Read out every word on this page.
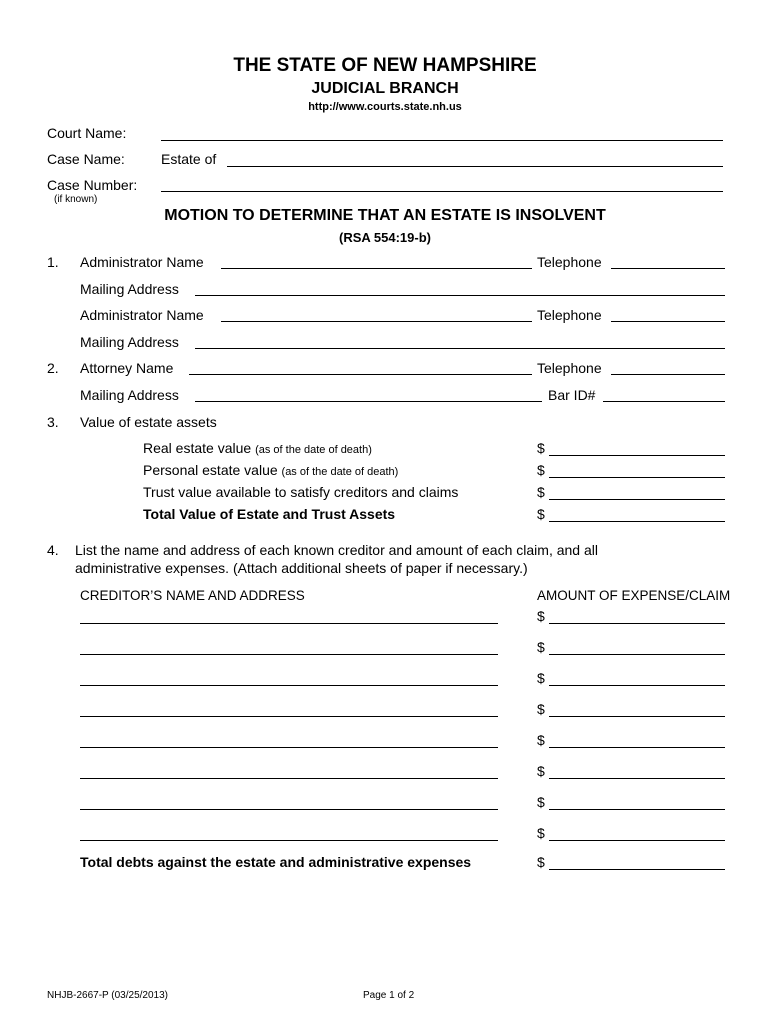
THE STATE OF NEW HAMPSHIRE
JUDICIAL BRANCH
http://www.courts.state.nh.us
Court Name:
Case Name:	Estate of
Case Number:
(if known)
MOTION TO DETERMINE THAT AN ESTATE IS INSOLVENT
(RSA 554:19-b)
1. Administrator Name	Telephone
Mailing Address
Administrator Name	Telephone
Mailing Address
2. Attorney Name	Telephone
Mailing Address	Bar ID#
3. Value of estate assets
Real estate value (as of the date of death)	$
Personal estate value (as of the date of death)	$
Trust value available to satisfy creditors and claims	$
Total Value of Estate and Trust Assets	$
4. List the name and address of each known creditor and amount of each claim, and all
administrative expenses. (Attach additional sheets of paper if necessary.)
CREDITOR’S NAME AND ADDRESS	AMOUNT OF EXPENSE/CLAIM
$
$
$
$
$
$
$
$
Total debts against the estate and administrative expenses	$
NHJB-2667-P (03/25/2013)	Page 1 of 2
